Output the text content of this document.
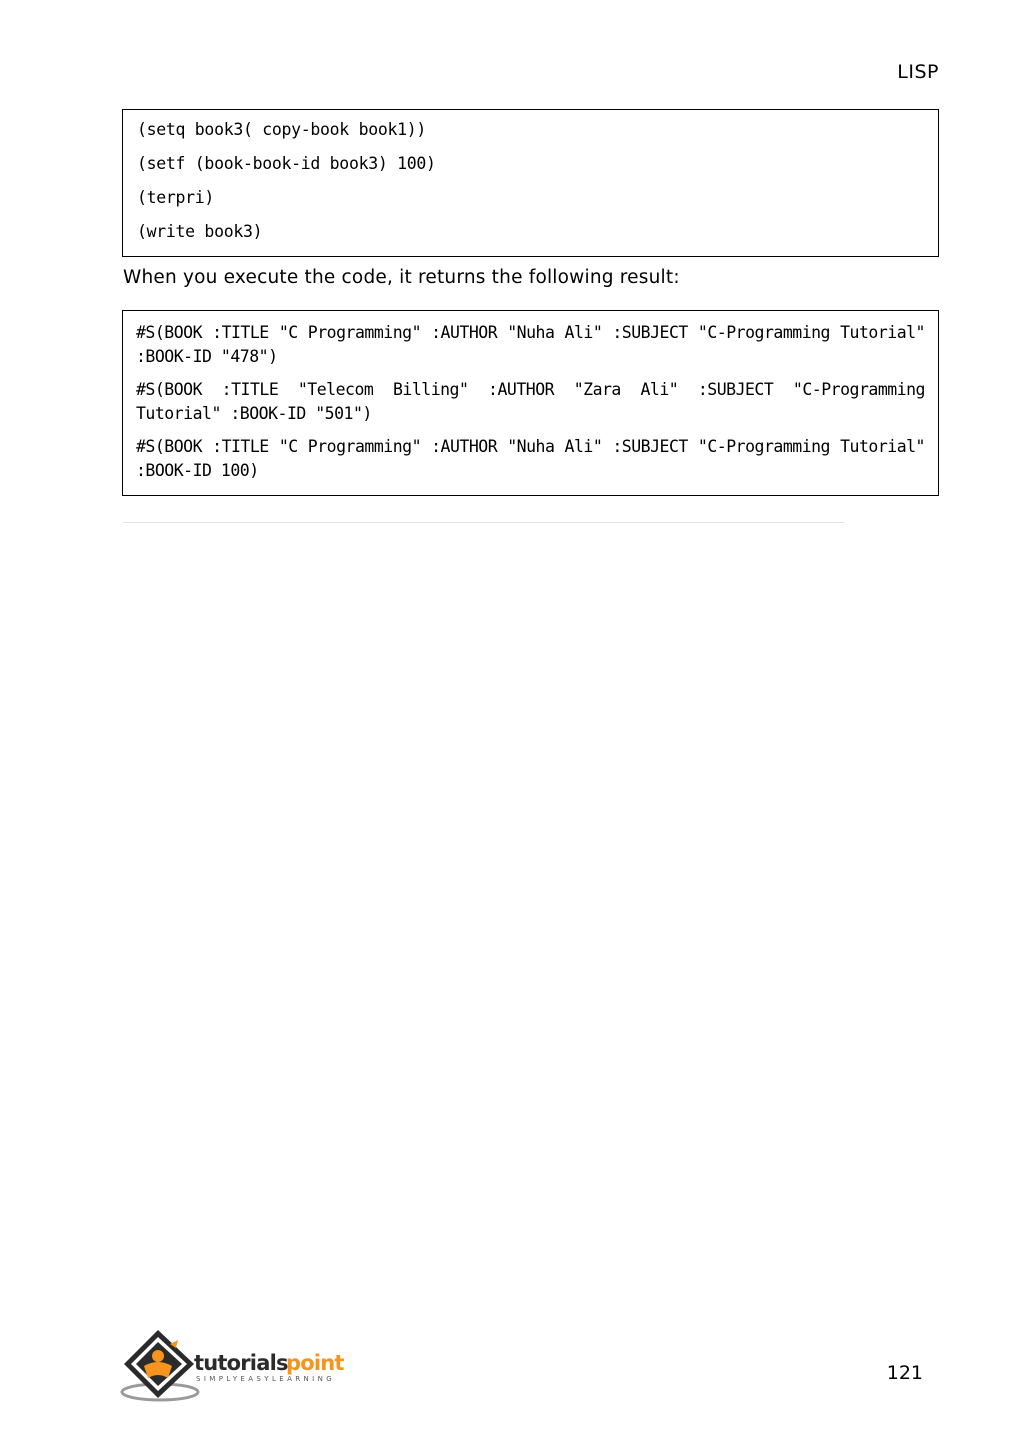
LISP
(setq book3( copy-book book1))
(setf (book-book-id book3) 100)
(terpri)
(write book3)
When you execute the code, it returns the following result:
#S(BOOK :TITLE "C Programming" :AUTHOR "Nuha Ali" :SUBJECT "C-Programming Tutorial" :BOOK-ID "478")
#S(BOOK :TITLE "Telecom Billing" :AUTHOR "Zara Ali" :SUBJECT "C-Programming Tutorial" :BOOK-ID "501")
#S(BOOK :TITLE "C Programming" :AUTHOR "Nuha Ali" :SUBJECT "C-Programming Tutorial" :BOOK-ID 100)
tutorials
point
SIMPLYEASYLEARNING	121
